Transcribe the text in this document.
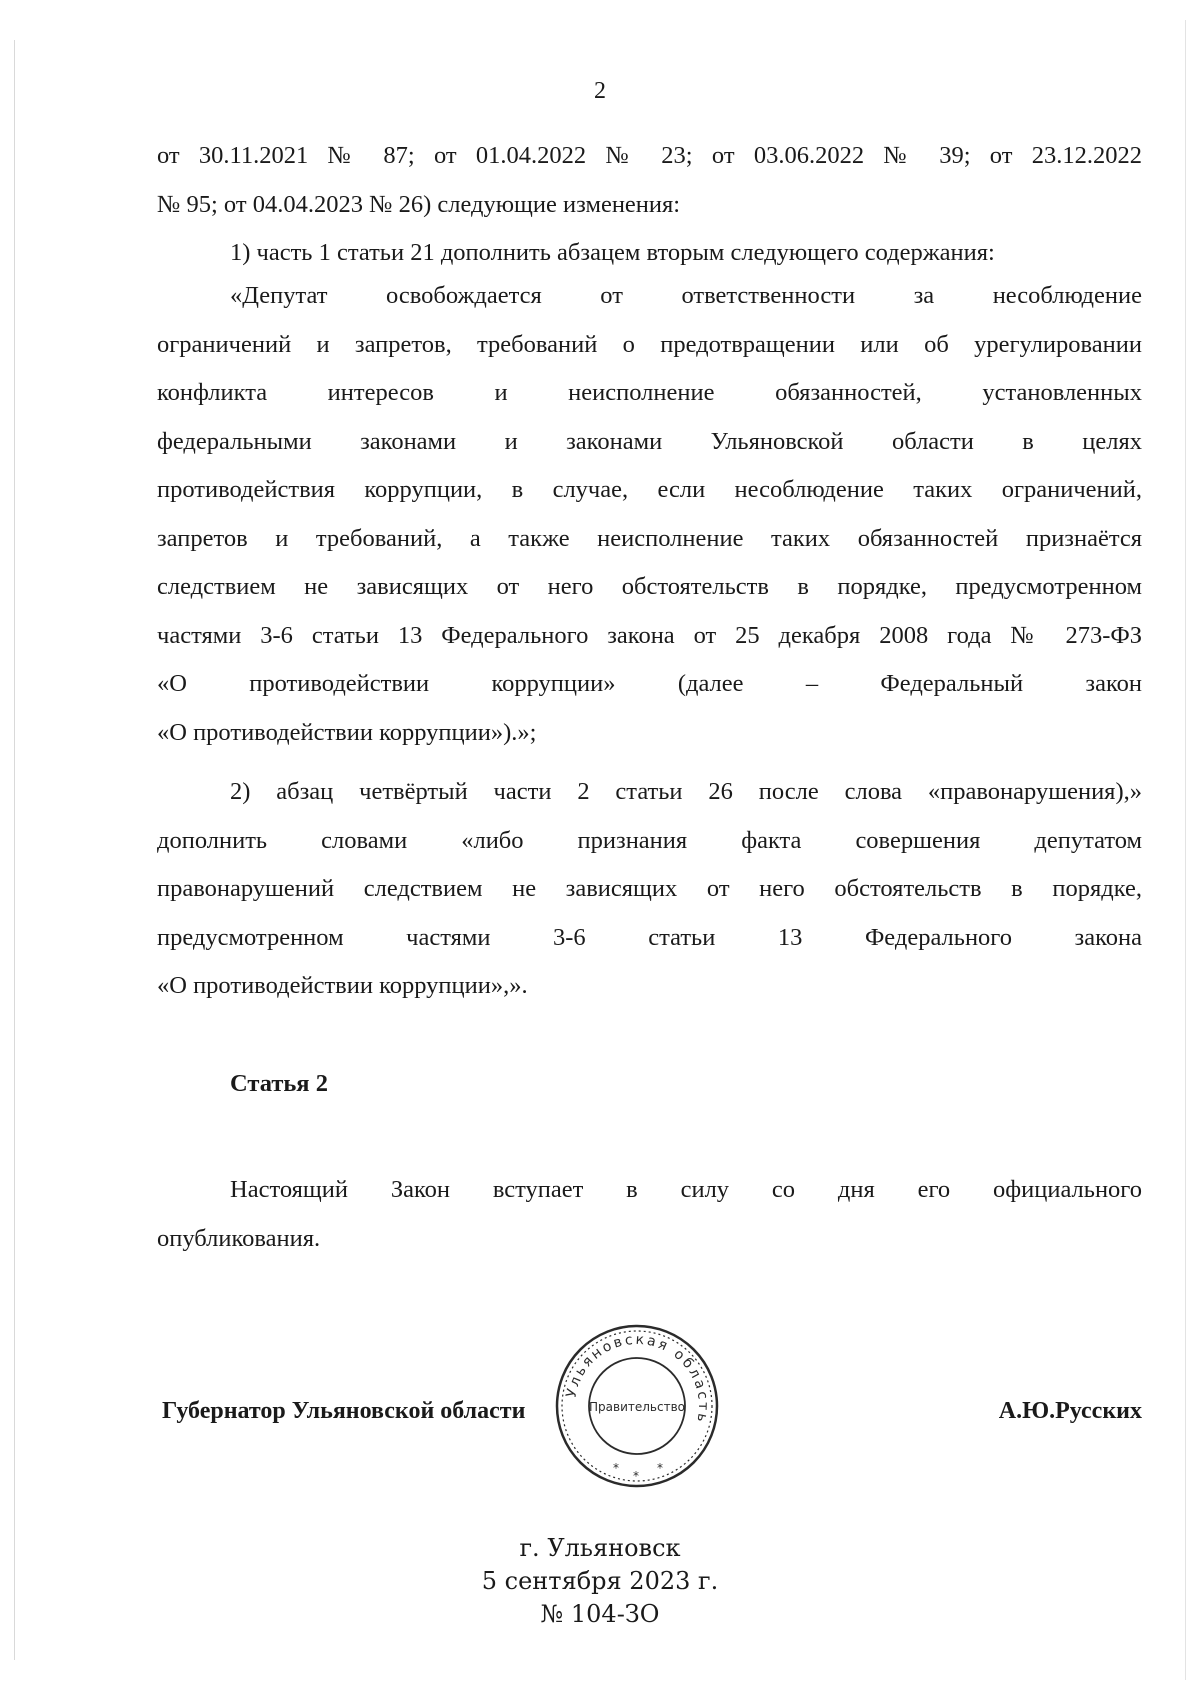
2
от 30.11.2021 № 87; от 01.04.2022 № 23; от 03.06.2022 № 39; от 23.12.2022
№ 95; от 04.04.2023 № 26) следующие изменения:
1) часть 1 статьи 21 дополнить абзацем вторым следующего содержания:
«Депутат освобождается от ответственности за несоблюдение
ограничений и запретов, требований о предотвращении или об урегулировании
конфликта интересов и неисполнение обязанностей, установленных
федеральными законами и законами Ульяновской области в целях
противодействия коррупции, в случае, если несоблюдение таких ограничений,
запретов и требований, а также неисполнение таких обязанностей признаётся
следствием не зависящих от него обстоятельств в порядке, предусмотренном
частями 3-6 статьи 13 Федерального закона от 25 декабря 2008 года № 273-ФЗ
«О противодействии коррупции» (далее – Федеральный закон
«О противодействии коррупции»).»;
2) абзац четвёртый части 2 статьи 26 после слова «правонарушения),»
дополнить словами «либо признания факта совершения депутатом
правонарушений следствием не зависящих от него обстоятельств в порядке,
предусмотренном частями 3-6 статьи 13 Федерального закона
«О противодействии коррупции»,».
Статья 2
Настоящий Закон вступает в силу со дня его официального
опубликования.
Ульяновская область
Правительство
*
*
*
Губернатор Ульяновской области	А.Ю.Русских
г. Ульяновск
5 сентября 2023 г.
№ 104-ЗО
